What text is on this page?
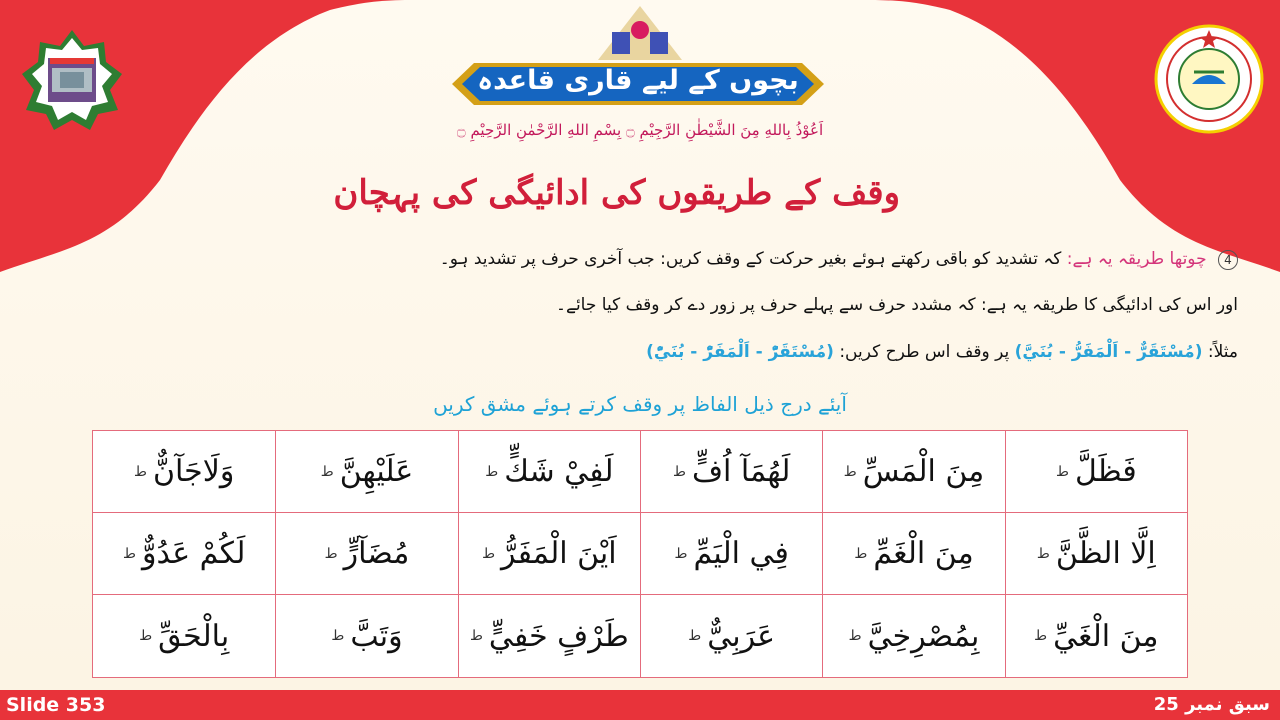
بچوں کے لیے قاری قاعدہ
اَعُوْذُ بِاللهِ مِنَ الشَّيْطٰنِ الرَّجِيْمِ ۝ بِسْمِ اللهِ الرَّحْمٰنِ الرَّحِيْمِ ۝
وقف کے طریقوں کی ادائیگی کی پہچان
4 چوتھا طریقہ یہ ہے: کہ تشدید کو باقی رکھتے ہوئے بغیر حرکت کے وقف کریں: جب آخری حرف پر تشدید ہو۔
اور اس کی ادائیگی کا طریقہ یہ ہے: کہ مشدد حرف سے پہلے حرف پر زور دے کر وقف کیا جائے۔
مثلاً: (مُسْتَقَرٌّ - اَلْمَفَرُّ - بُنَيَّ) پر وقف اس طرح کریں: (مُسْتَقَرّْ - اَلْمَفَرّْ - بُنَيّْ)
آیئے درج ذیل الفاظ پر وقف کرتے ہوئے مشق کریں
فَظَلَّ
ط
مِنَ الْمَسِّ
ط
لَهُمَآ اُفٍّ
ط
لَفِيْ شَكٍّ
ط
عَلَيْهِنَّ
ط
وَلَاجَآنٌّ
ط
اِلَّا الظَّنَّ
ط
مِنَ الْغَمِّ
ط
فِي الْيَمِّ
ط
اَيْنَ الْمَفَرُّ
ط
مُضَآرٍّ
ط
لَكُمْ عَدُوٌّ
ط
مِنَ الْغَيِّ
ط
بِمُصْرِخِيَّ
ط
عَرَبِيٌّ
ط
طَرْفٍ خَفِيٍّ
ط
وَتَبَّ
ط
بِالْحَقِّ
ط
Slide 353	سبق نمبر 25
